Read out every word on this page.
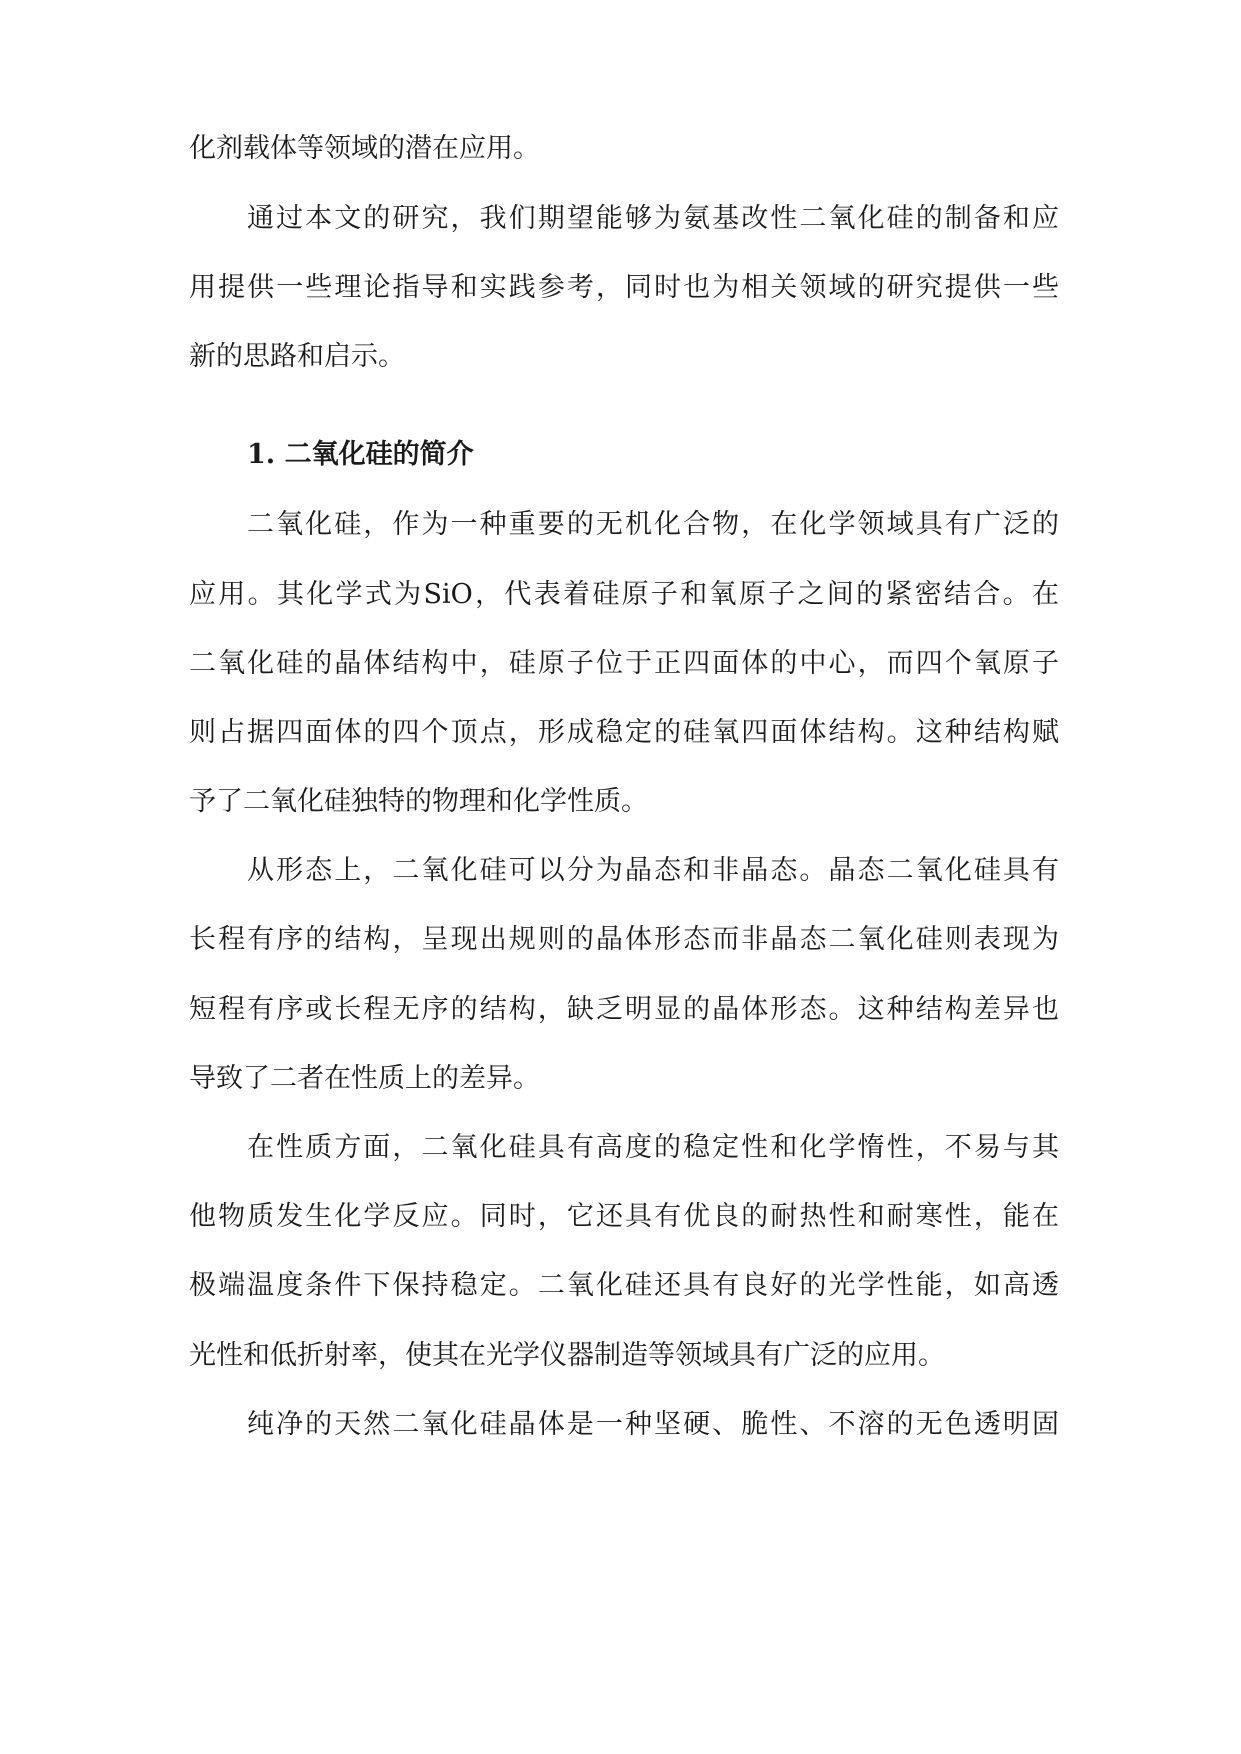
化剂载体等领域的潜在应用。
通过本文的研究，我们期望能够为氨基改性二氧化硅的制备和应
用提供一些理论指导和实践参考，同时也为相关领域的研究提供一些
新的思路和启示。
1. 二氧化硅的简介
二氧化硅，作为一种重要的无机化合物，在化学领域具有广泛的
应用。其化学式为SiO，代表着硅原子和氧原子之间的紧密结合。在
二氧化硅的晶体结构中，硅原子位于正四面体的中心，而四个氧原子
则占据四面体的四个顶点，形成稳定的硅氧四面体结构。这种结构赋
予了二氧化硅独特的物理和化学性质。
从形态上，二氧化硅可以分为晶态和非晶态。晶态二氧化硅具有
长程有序的结构，呈现出规则的晶体形态而非晶态二氧化硅则表现为
短程有序或长程无序的结构，缺乏明显的晶体形态。这种结构差异也
导致了二者在性质上的差异。
在性质方面，二氧化硅具有高度的稳定性和化学惰性，不易与其
他物质发生化学反应。同时，它还具有优良的耐热性和耐寒性，能在
极端温度条件下保持稳定。二氧化硅还具有良好的光学性能，如高透
光性和低折射率，使其在光学仪器制造等领域具有广泛的应用。
纯净的天然二氧化硅晶体是一种坚硬、脆性、不溶的无色透明固
